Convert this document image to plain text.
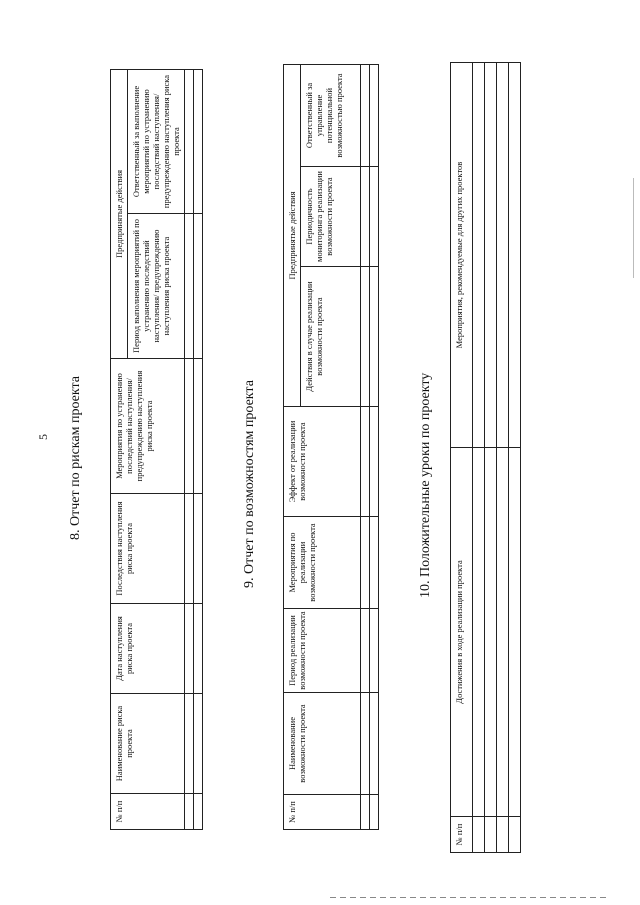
5 8. Отчет по рискам проекта
№ п/п	Наименование риска проекта	Дата наступления риска проекта	Последствия наступления риска проекта	Мероприятия по устранению последствий наступления/ предупреждению наступления риска проекта	Предпринятые действия	
					Период выполнения мероприятий по устранению последствий наступления/ предупреждению наступления риска проекта	Ответственный за выполнение мероприятий по устранению последствий наступления/ предупреждению наступления риска проекта

9. Отчет по возможностям проекта
№ п/п	Наименование возможности проекта	Период реализации возможности проекта	Мероприятия по реализации возможности проекта	Эффект от реализации возможности проекта	Предпринятые действия		
					Действия в случае реализации возможности проекта	Периодичность мониторинга реализации возможности проекта	Ответственный за управление потенциальной возможностью проекта

10. Положительные уроки по проекту
№ п/п	Достижения в ходе реализации проекта	Мероприятия, рекомендуемые для других проектов
